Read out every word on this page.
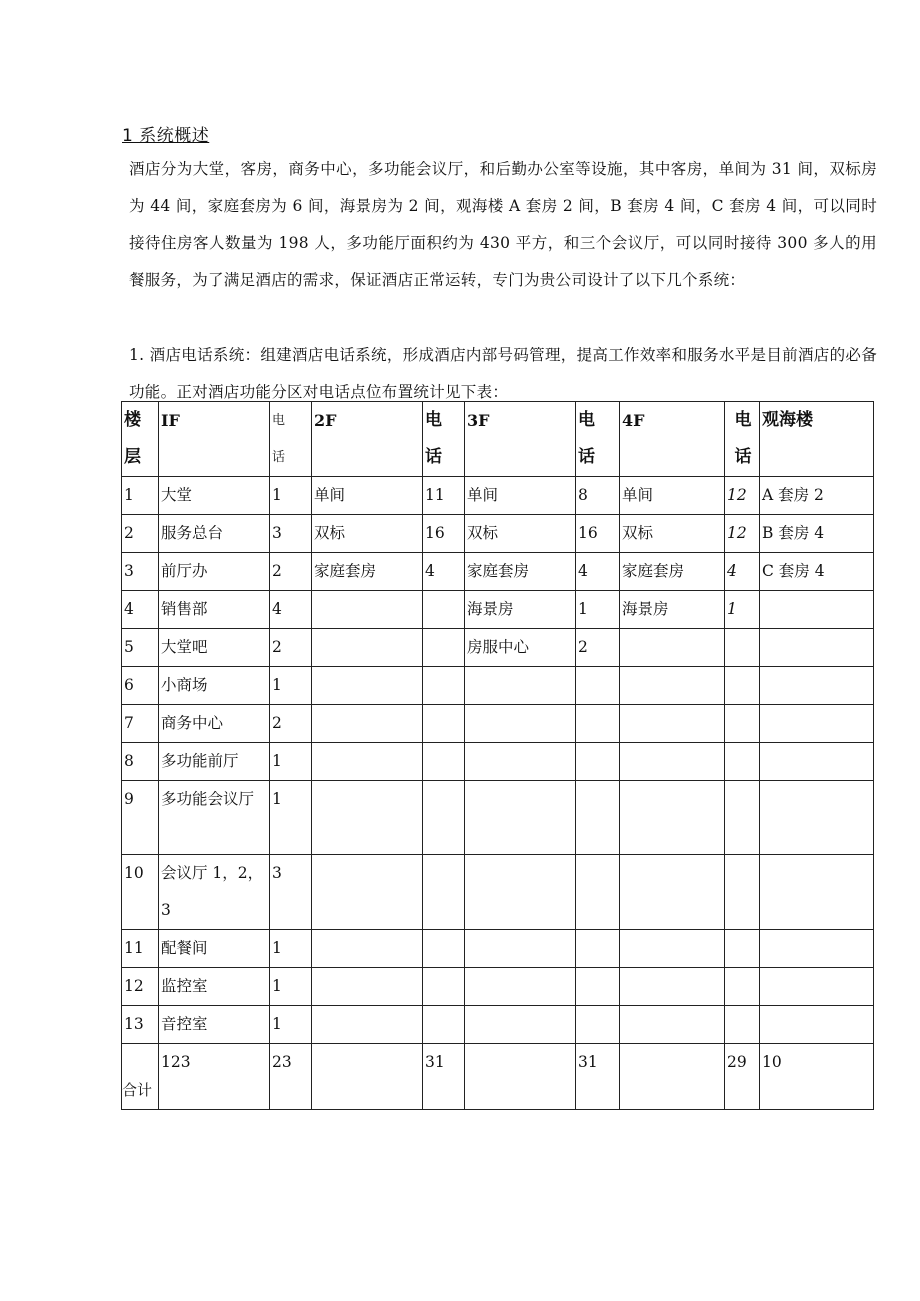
1 系统概述

酒店分为大堂，客房，商务中心，多功能会议厅，和后勤办公室等设施，其中客房，单间为 31 间，双标房为 44 间，家庭套房为 6 间，海景房为 2 间，观海楼 A 套房 2 间，B 套房 4 间，C 套房 4 间，可以同时接待住房客人数量为 198 人，多功能厅面积约为 430 平方，和三个会议厅，可以同时接待 300 多人的用餐服务，为了满足酒店的需求，保证酒店正常运转，专门为贵公司设计了以下几个系统：

1. 酒店电话系统：组建酒店电话系统，形成酒店内部号码管理，提高工作效率和服务水平是目前酒店的必备功能。正对酒店功能分区对电话点位布置统计见下表：

楼
层	IF	电
话	2F	电
话	3F	电
话	4F	电
话	观海楼
1	大堂	1	单间	11	单间	8	单间	12	A 套房 2
2	服务总台	3	双标	16	双标	16	双标	12	B 套房 4
3	前厅办	2	家庭套房	4	家庭套房	4	家庭套房	4	C 套房 4
4	销售部	4			海景房	1	海景房	1	
5	大堂吧	2			房服中心	2			
6	小商场	1							
7	商务中心	2							
8	多功能前厅	1							
9	多功能会议厅	1							
10	会议厅 1，2，3	3							
11	配餐间	1							
12	监控室	1							
13	音控室	1							
合计	123	23		31		31		29	10
